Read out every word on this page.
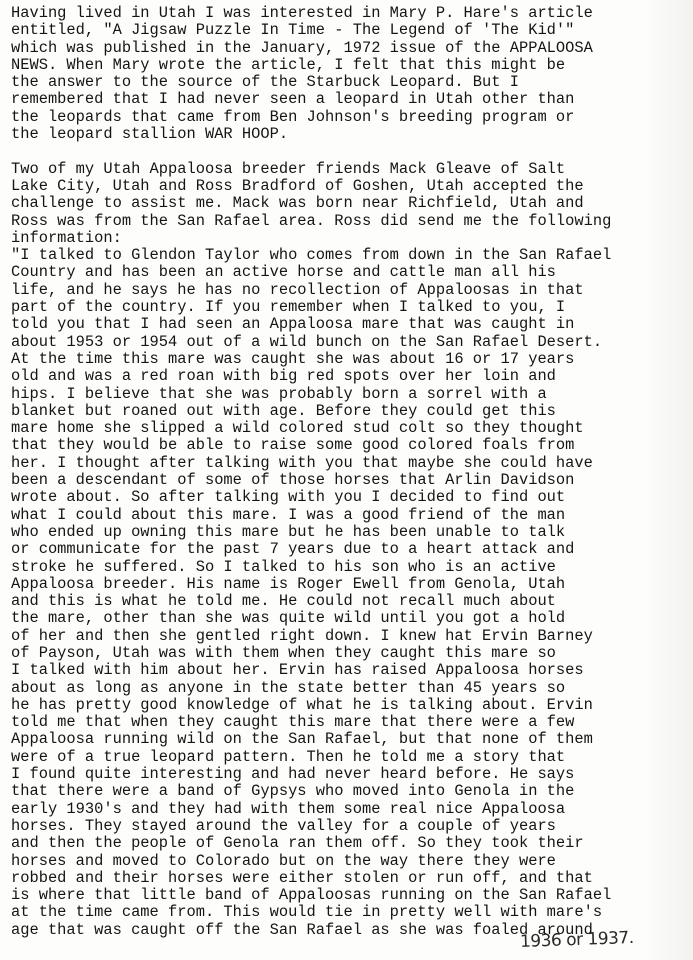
Having lived in Utah I was interested in Mary P. Hare's article
entitled, "A Jigsaw Puzzle In Time - The Legend of 'The Kid'"
which was published in the January, 1972 issue of the APPALOOSA
NEWS. When Mary wrote the article, I felt that this might be
the answer to the source of the Starbuck Leopard. But I
remembered that I had never seen a leopard in Utah other than
the leopards that came from Ben Johnson's breeding program or
the leopard stallion WAR HOOP.
Two of my Utah Appaloosa breeder friends Mack Gleave of Salt
Lake City, Utah and Ross Bradford of Goshen, Utah accepted the
challenge to assist me. Mack was born near Richfield, Utah and
Ross was from the San Rafael area. Ross did send me the following
information:
"I talked to Glendon Taylor who comes from down in the San Rafael
Country and has been an active horse and cattle man all his
life, and he says he has no recollection of Appaloosas in that
part of the country. If you remember when I talked to you, I
told you that I had seen an Appaloosa mare that was caught in
about 1953 or 1954 out of a wild bunch on the San Rafael Desert.
At the time this mare was caught she was about 16 or 17 years
old and was a red roan with big red spots over her loin and
hips. I believe that she was probably born a sorrel with a
blanket but roaned out with age. Before they could get this
mare home she slipped a wild colored stud colt so they thought
that they would be able to raise some good colored foals from
her. I thought after talking with you that maybe she could have
been a descendant of some of those horses that Arlin Davidson
wrote about. So after talking with you I decided to find out
what I could about this mare. I was a good friend of the man
who ended up owning this mare but he has been unable to talk
or communicate for the past 7 years due to a heart attack and
stroke he suffered. So I talked to his son who is an active
Appaloosa breeder. His name is Roger Ewell from Genola, Utah
and this is what he told me. He could not recall much about
the mare, other than she was quite wild until you got a hold
of her and then she gentled right down. I knew hat Ervin Barney
of Payson, Utah was with them when they caught this mare so
I talked with him about her. Ervin has raised Appaloosa horses
about as long as anyone in the state better than 45 years so
he has pretty good knowledge of what he is talking about. Ervin
told me that when they caught this mare that there were a few
Appaloosa running wild on the San Rafael, but that none of them
were of a true leopard pattern. Then he told me a story that
I found quite interesting and had never heard before. He says
that there were a band of Gypsys who moved into Genola in the
early 1930's and they had with them some real nice Appaloosa
horses. They stayed around the valley for a couple of years
and then the people of Genola ran them off. So they took their
horses and moved to Colorado but on the way there they were
robbed and their horses were either stolen or run off, and that
is where that little band of Appaloosas running on the San Rafael
at the time came from. This would tie in pretty well with mare's
age that was caught off the San Rafael as she was foaled around
1936 or 1937.
